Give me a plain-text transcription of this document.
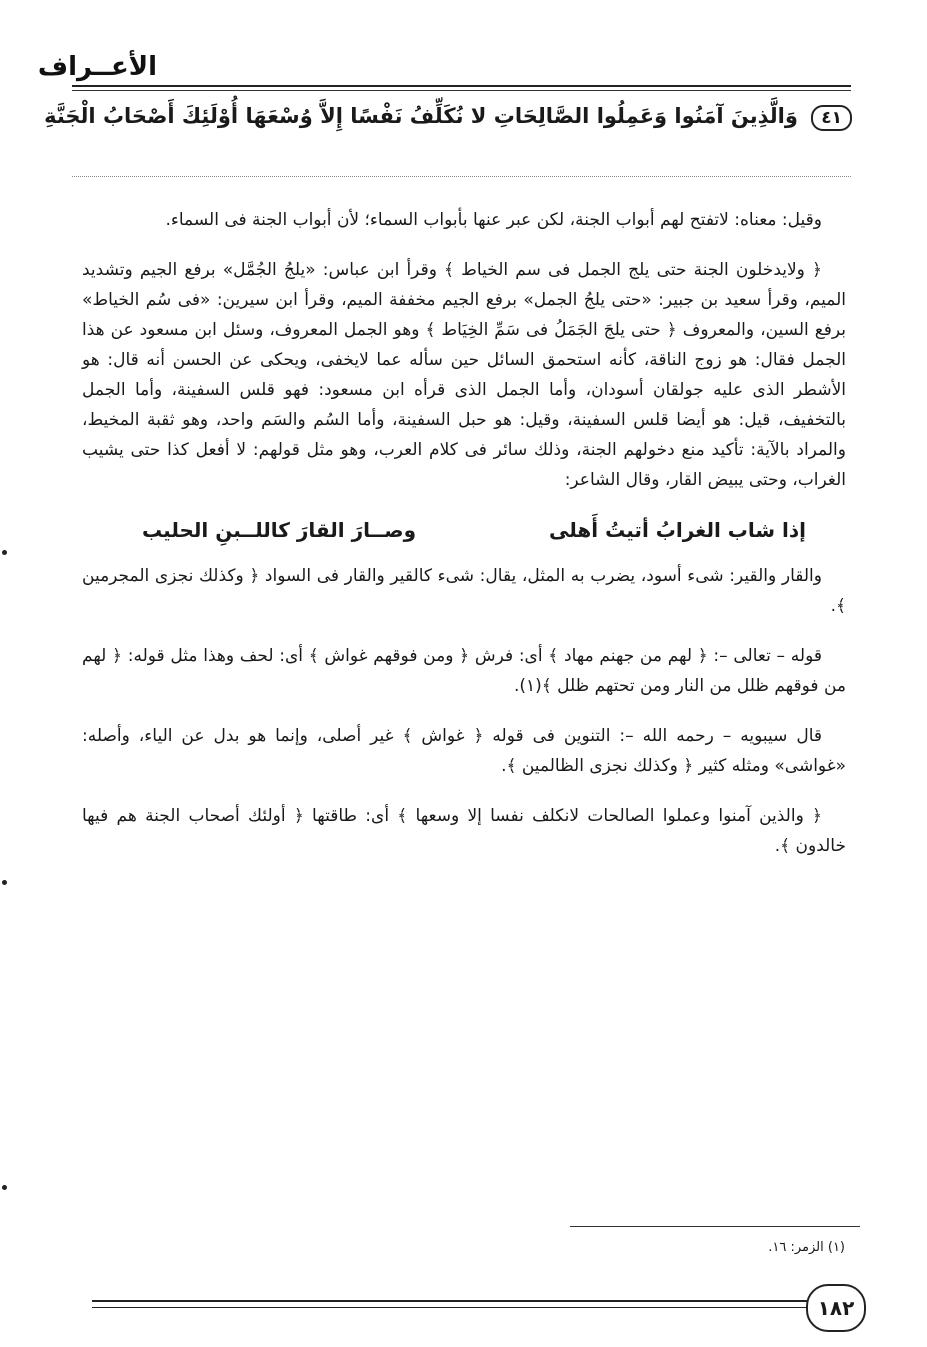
الأعــراف
٤١ وَالَّذِينَ آمَنُوا وَعَمِلُوا الصَّالِحَاتِ لا نُكَلِّفُ نَفْسًا إِلاَّ وُسْعَهَا أُوْلَئِكَ أَصْحَابُ الْجَنَّةِ

وقيل: معناه: لاتفتح لهم أبواب الجنة، لكن عبر عنها بأبواب السماء؛ لأن أبواب الجنة فى السماء.

﴿ ولايدخلون الجنة حتى يلج الجمل فى سم الخياط ﴾ وقرأ ابن عباس: «يلجُ الجُمَّل» برفع الجيم وتشديد الميم، وقرأ سعيد بن جبير: «حتى يلجُ الجمل» برفع الجيم مخففة الميم، وقرأ ابن سيرين: «فى سُم الخياط» برفع السين، والمعروف ﴿ حتى يلجَ الجَمَلُ فى سَمِّ الخِيَاط ﴾ وهو الجمل المعروف، وسئل ابن مسعود عن هذا الجمل فقال: هو زوج الناقة، كأنه استحمق السائل حين سأله عما لايخفى، ويحكى عن الحسن أنه قال: هو الأشطر الذى عليه جولقان أسودان، وأما الجمل الذى قرأه ابن مسعود: فهو قلس السفينة، وأما الجمل بالتخفيف، قيل: هو أيضا قلس السفينة، وقيل: هو حبل السفينة، وأما السُم والسَم واحد، وهو ثقبة المخيط، والمراد بالآية: تأكيد منع دخولهم الجنة، وذلك سائر فى كلام العرب، وهو مثل قولهم: لا أفعل كذا حتى يشيب الغراب، وحتى يبيض القار، وقال الشاعر:

إذا شاب الغرابُ أتيتُ أَهلى
وصــارَ القارَ كاللــبنِ الحليب

والقار والقير: شىء أسود، يضرب به المثل، يقال: شىء كالقير والقار فى السواد ﴿ وكذلك نجزى المجرمين ﴾.

قوله – تعالى –: ﴿ لهم من جهنم مهاد ﴾ أى: فرش ﴿ ومن فوقهم غواش ﴾ أى: لحف وهذا مثل قوله: ﴿ لهم من فوقهم ظلل من النار ومن تحتهم ظلل ﴾(١).

قال سيبويه – رحمه الله –: التنوين فى قوله ﴿ غواش ﴾ غير أصلى، وإنما هو بدل عن الياء، وأصله: «غواشى» ومثله كثير ﴿ وكذلك نجزى الظالمين ﴾.

﴿ والذين آمنوا وعملوا الصالحات لانكلف نفسا إلا وسعها ﴾ أى: طاقتها ﴿ أولئك أصحاب الجنة هم فيها خالدون ﴾.

(١) الزمر: ١٦.
١٨٢
